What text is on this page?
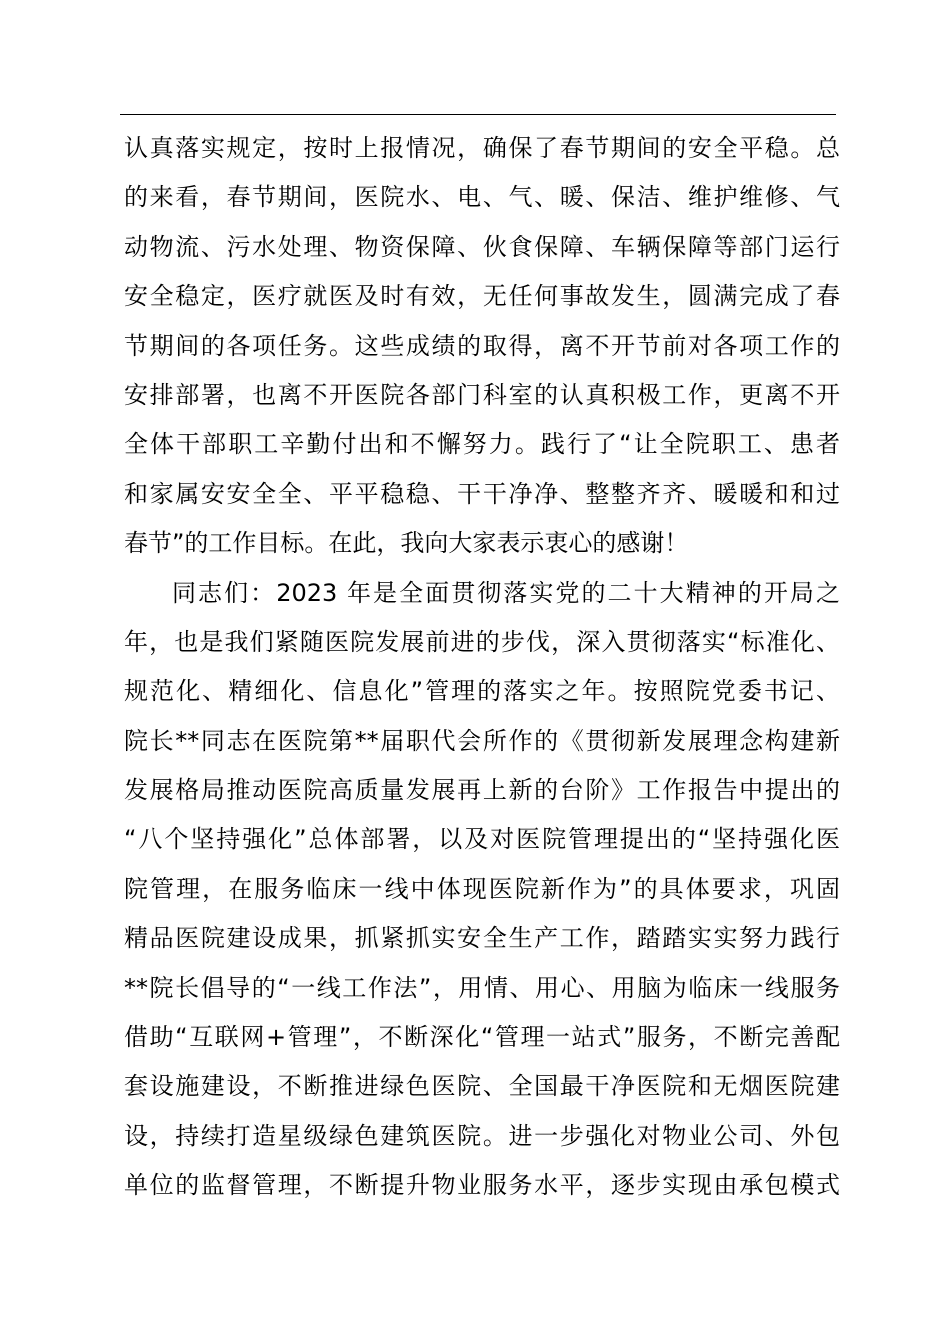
认真落实规定，按时上报情况，确保了春节期间的安全平稳。总
的来看，春节期间，医院水、电、气、暖、保洁、维护维修、气
动物流、污水处理、物资保障、伙食保障、车辆保障等部门运行
安全稳定，医疗就医及时有效，无任何事故发生，圆满完成了春
节期间的各项任务。这些成绩的取得，离不开节前对各项工作的
安排部署，也离不开医院各部门科室的认真积极工作，更离不开
全体干部职工辛勤付出和不懈努力。践行了“让全院职工、患者
和家属安安全全、平平稳稳、干干净净、整整齐齐、暖暖和和过
春节”的工作目标。在此，我向大家表示衷心的感谢！
同志们：2023 年是全面贯彻落实党的二十大精神的开局之
年，也是我们紧随医院发展前进的步伐，深入贯彻落实“标准化、
规范化、精细化、信息化”管理的落实之年。按照院党委书记、
院长**同志在医院第**届职代会所作的《贯彻新发展理念构建新
发展格局推动医院高质量发展再上新的台阶》工作报告中提出的
“八个坚持强化”总体部署，以及对医院管理提出的“坚持强化医
院管理，在服务临床一线中体现医院新作为”的具体要求，巩固
精品医院建设成果，抓紧抓实安全生产工作，踏踏实实努力践行
**院长倡导的“一线工作法”，用情、用心、用脑为临床一线服务
借助“互联网+管理”，不断深化“管理一站式”服务，不断完善配
套设施建设，不断推进绿色医院、全国最干净医院和无烟医院建
设，持续打造星级绿色建筑医院。进一步强化对物业公司、外包
单位的监督管理，不断提升物业服务水平，逐步实现由承包模式
